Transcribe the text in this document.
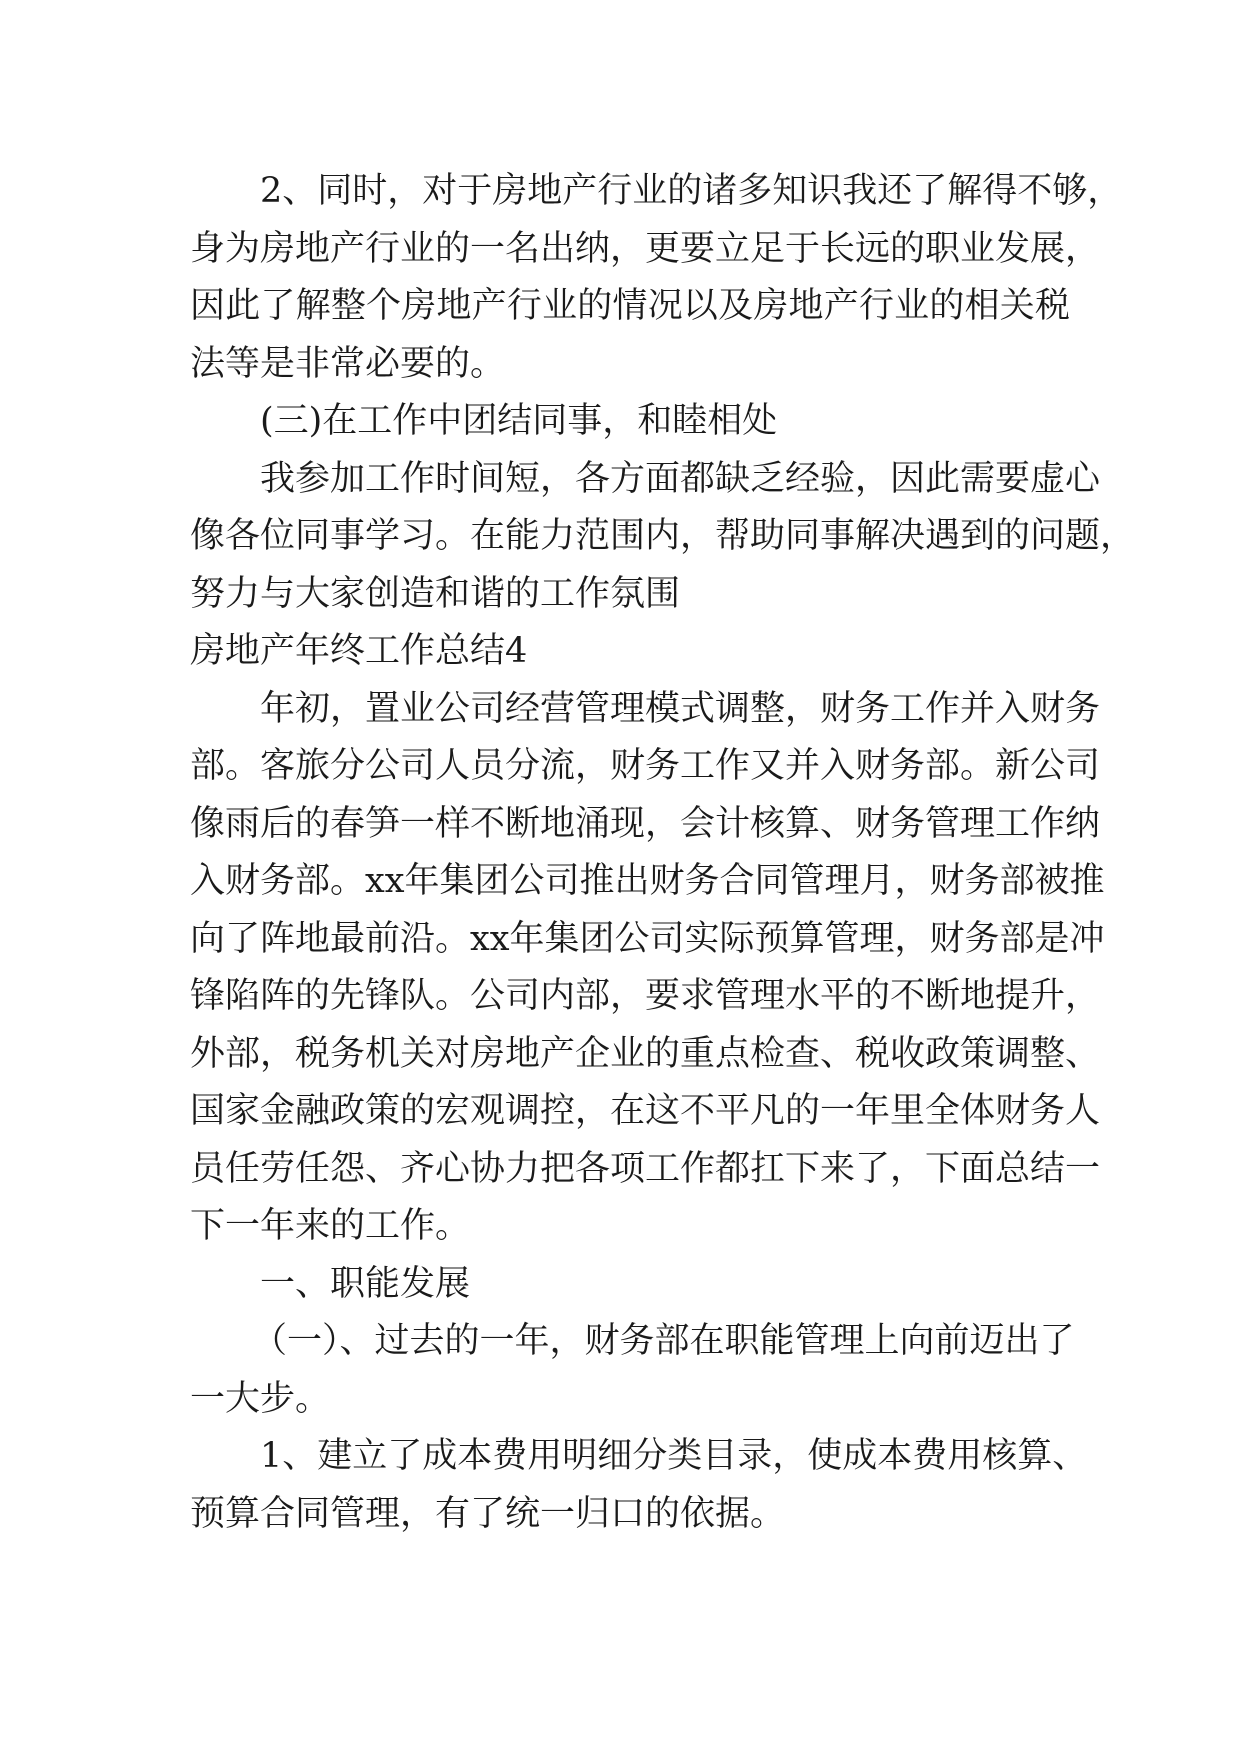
2、同时，对于房地产行业的诸多知识我还了解得不够，
身为房地产行业的一名出纳，更要立足于长远的职业发展，
因此了解整个房地产行业的情况以及房地产行业的相关税
法等是非常必要的。
(三)在工作中团结同事，和睦相处
我参加工作时间短，各方面都缺乏经验，因此需要虚心
像各位同事学习。在能力范围内，帮助同事解决遇到的问题，
努力与大家创造和谐的工作氛围
房地产年终工作总结4
年初，置业公司经营管理模式调整，财务工作并入财务
部。客旅分公司人员分流，财务工作又并入财务部。新公司
像雨后的春笋一样不断地涌现，会计核算、财务管理工作纳
入财务部。xx年集团公司推出财务合同管理月，财务部被推
向了阵地最前沿。xx年集团公司实际预算管理，财务部是冲
锋陷阵的先锋队。公司内部，要求管理水平的不断地提升，
外部，税务机关对房地产企业的重点检查、税收政策调整、
国家金融政策的宏观调控，在这不平凡的一年里全体财务人
员任劳任怨、齐心协力把各项工作都扛下来了，下面总结一
下一年来的工作。
一、职能发展
（一）、过去的一年，财务部在职能管理上向前迈出了
一大步。
1、建立了成本费用明细分类目录，使成本费用核算、
预算合同管理，有了统一归口的依据。
